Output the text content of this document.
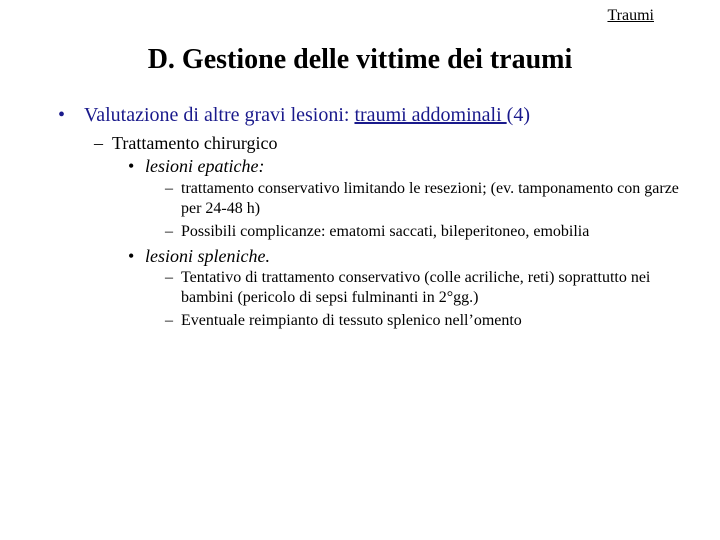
Traumi
D. Gestione delle vittime dei traumi
• Valutazione di altre gravi lesioni: traumi addominali (4)
– Trattamento chirurgico
• lesioni epatiche:
– trattamento conservativo limitando le resezioni; (ev. tamponamento con garze per 24-48 h)
– Possibili complicanze: ematomi saccati, bileperitoneo, emobilia
• lesioni spleniche.
– Tentativo di trattamento conservativo (colle acriliche, reti) soprattutto nei bambini (pericolo di sepsi fulminanti in 2°gg.)
– Eventuale reimpianto di tessuto splenico nell’omento
